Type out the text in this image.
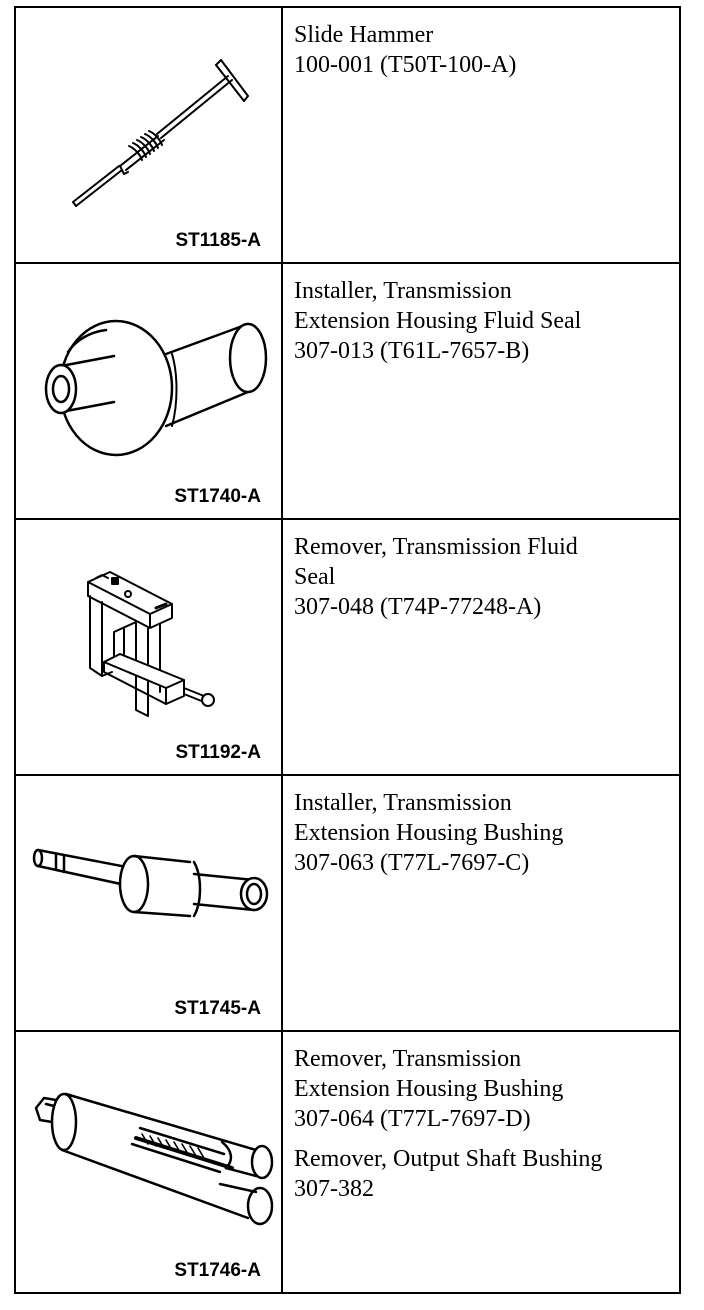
ST1185-A
Slide Hammer
100-001 (T50T-100-A)
ST1740-A
Installer, Transmission
Extension Housing Fluid Seal
307-013 (T61L-7657-B)
ST1192-A
Remover, Transmission Fluid
Seal
307-048 (T74P-77248-A)
ST1745-A
Installer, Transmission
Extension Housing Bushing
307-063 (T77L-7697-C)
ST1746-A
Remover, Transmission
Extension Housing Bushing
307-064 (T77L-7697-D)
Remover, Output Shaft Bushing
307-382
